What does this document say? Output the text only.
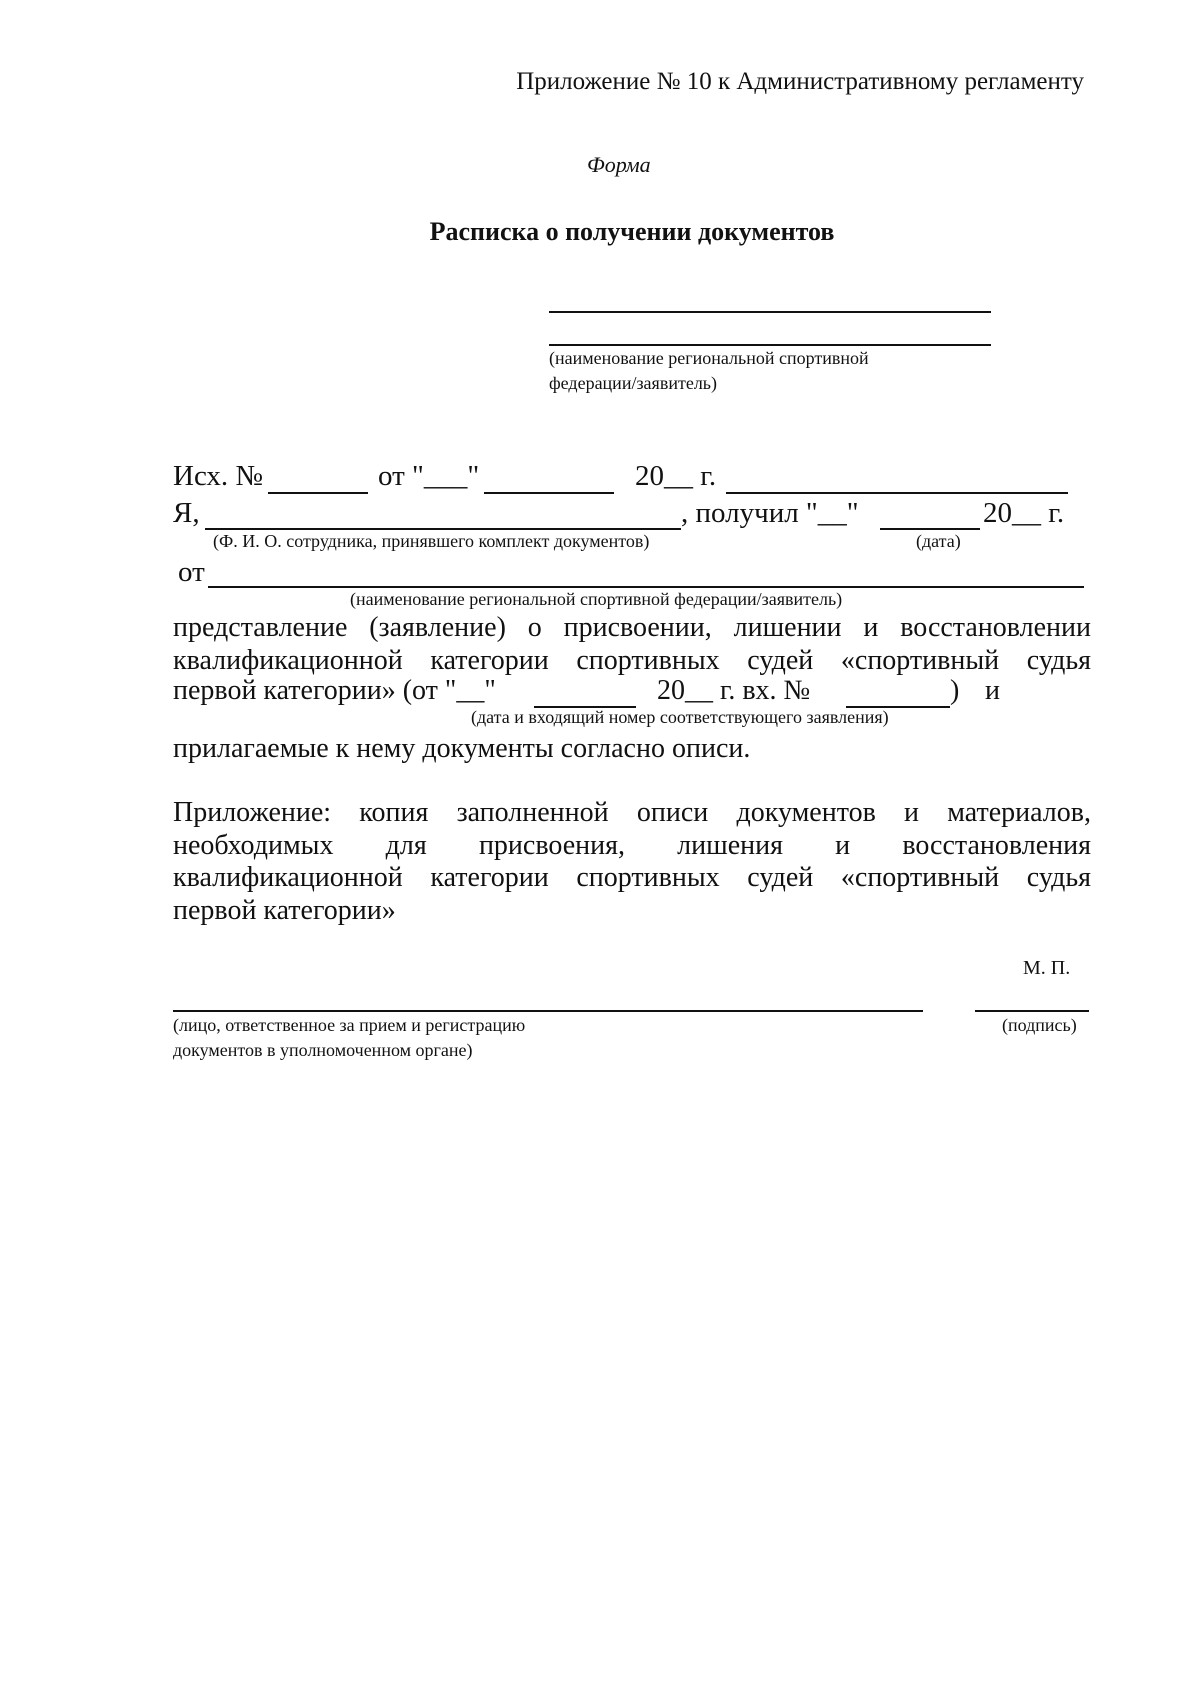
Приложение № 10 к Административному регламенту
Форма
Расписка о получении документов
(наименование региональной спортивной
федерации/заявитель)
Исх. №	от "___"	20__ г.
Я,	, получил "__"	20__ г.
(Ф. И. О. сотрудника, принявшего комплект документов)	(дата)
от
(наименование региональной спортивной федерации/заявитель)
представление (заявление) о присвоении, лишении и восстановлении
квалификационной категории спортивных судей «спортивный судья
первой категории» (от "__"	20__ г. вх. №	) и
(дата и входящий номер соответствующего заявления)
прилагаемые к нему документы согласно описи.
Приложение: копия заполненной описи документов и материалов,
необходимых для присвоения, лишения и восстановления
квалификационной категории спортивных судей «спортивный судья
первой категории»
М. П.
(лицо, ответственное за прием и регистрацию
документов в уполномоченном органе)
(подпись)
